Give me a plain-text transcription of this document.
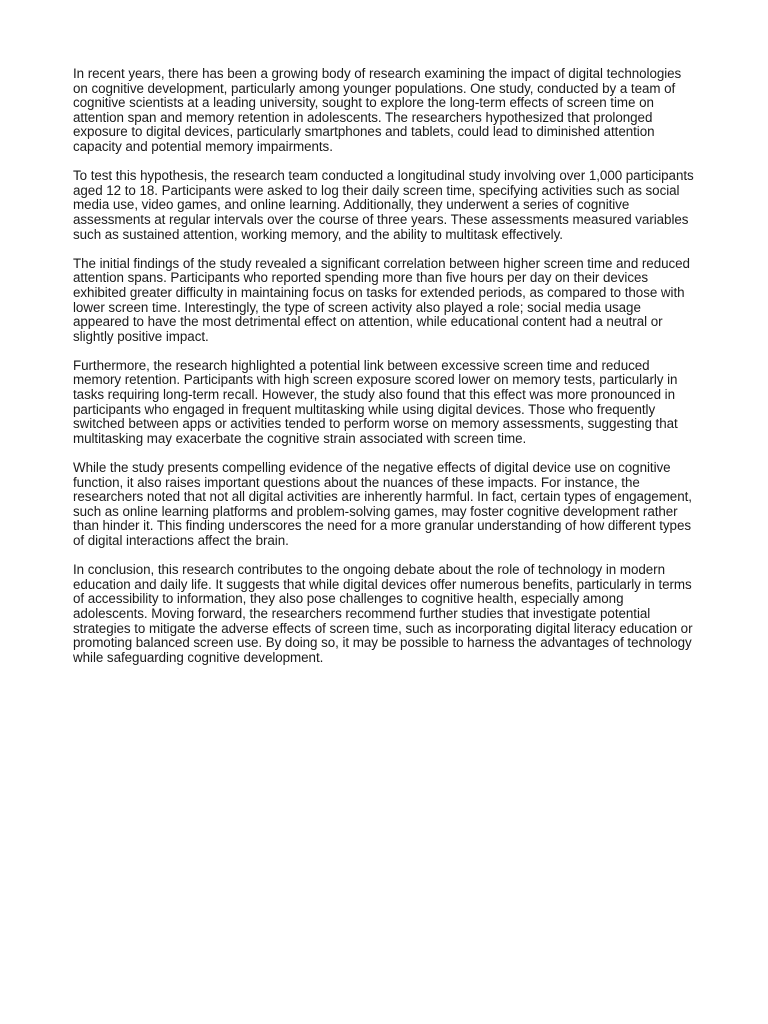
In recent years, there has been a growing body of research examining the impact of digital technologies on cognitive development, particularly among younger populations. One study, conducted by a team of cognitive scientists at a leading university, sought to explore the long-term effects of screen time on attention span and memory retention in adolescents. The researchers hypothesized that prolonged exposure to digital devices, particularly smartphones and tablets, could lead to diminished attention capacity and potential memory impairments.

To test this hypothesis, the research team conducted a longitudinal study involving over 1,000 participants aged 12 to 18. Participants were asked to log their daily screen time, specifying activities such as social media use, video games, and online learning. Additionally, they underwent a series of cognitive assessments at regular intervals over the course of three years. These assessments measured variables such as sustained attention, working memory, and the ability to multitask effectively.

The initial findings of the study revealed a significant correlation between higher screen time and reduced attention spans. Participants who reported spending more than five hours per day on their devices exhibited greater difficulty in maintaining focus on tasks for extended periods, as compared to those with lower screen time. Interestingly, the type of screen activity also played a role; social media usage appeared to have the most detrimental effect on attention, while educational content had a neutral or slightly positive impact.

Furthermore, the research highlighted a potential link between excessive screen time and reduced memory retention. Participants with high screen exposure scored lower on memory tests, particularly in tasks requiring long-term recall. However, the study also found that this effect was more pronounced in participants who engaged in frequent multitasking while using digital devices. Those who frequently switched between apps or activities tended to perform worse on memory assessments, suggesting that multitasking may exacerbate the cognitive strain associated with screen time.

While the study presents compelling evidence of the negative effects of digital device use on cognitive function, it also raises important questions about the nuances of these impacts. For instance, the researchers noted that not all digital activities are inherently harmful. In fact, certain types of engagement, such as online learning platforms and problem-solving games, may foster cognitive development rather than hinder it. This finding underscores the need for a more granular understanding of how different types of digital interactions affect the brain.

In conclusion, this research contributes to the ongoing debate about the role of technology in modern education and daily life. It suggests that while digital devices offer numerous benefits, particularly in terms of accessibility to information, they also pose challenges to cognitive health, especially among adolescents. Moving forward, the researchers recommend further studies that investigate potential strategies to mitigate the adverse effects of screen time, such as incorporating digital literacy education or promoting balanced screen use. By doing so, it may be possible to harness the advantages of technology while safeguarding cognitive development.
